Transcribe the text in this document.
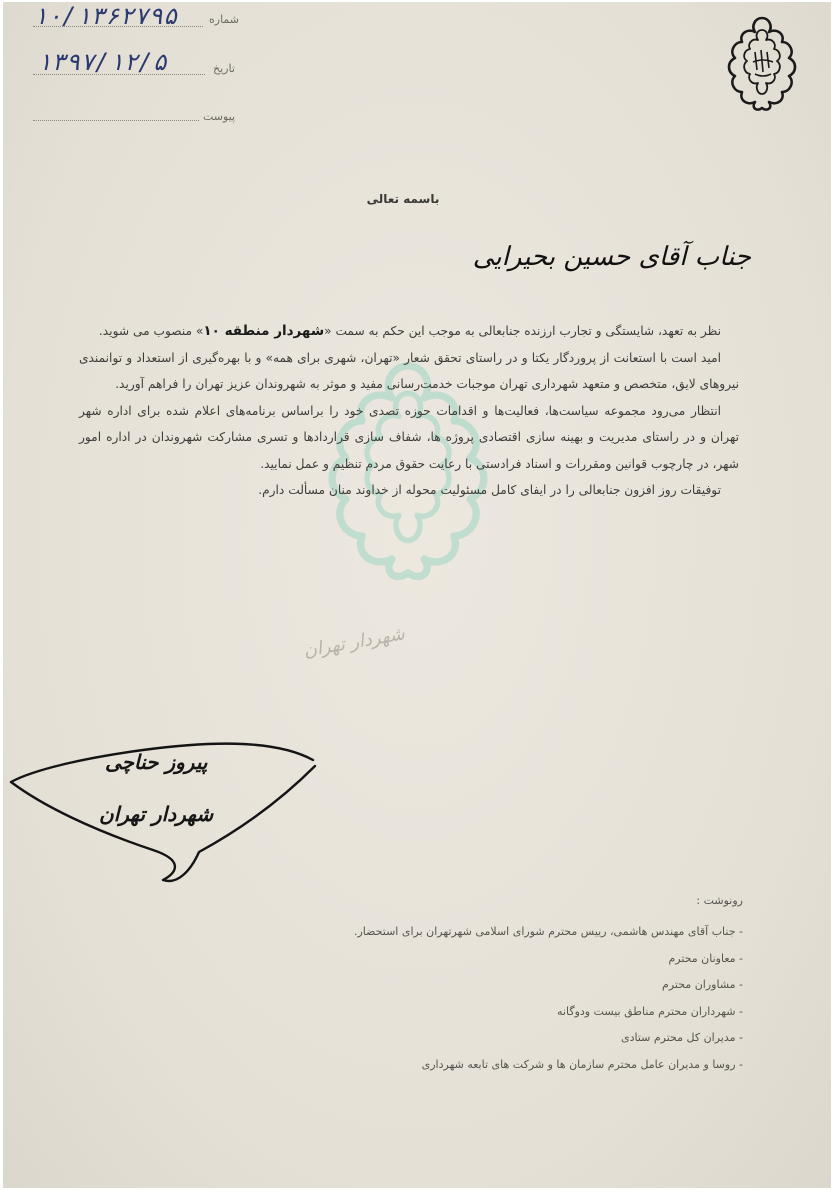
شماره
۱۰/۱۳۶۲۷۹۵
تاریخ
۱۳۹۷/۱۲/۵
پیوست
باسمه تعالی
جناب آقای حسین بحیرایی

نظر به تعهد، شایستگی و تجارب ارزنده جنابعالی به موجب این حکم به سمت «شهردار منطقه ۱۰» منصوب می شوید.

امید است با استعانت از پروردگار یکتا و در راستای تحقق شعار «تهران، شهری برای همه» و با بهره‌گیری از استعداد و توانمندی نیروهای لایق، متخصص و متعهد شهرداری تهران موجبات خدمت‌رسانی مفید و موثر به شهروندان عزیز تهران را فراهم آورید.

انتظار می‌رود مجموعه سیاست‌ها، فعالیت‌ها و اقدامات حوزه تصدی خود را براساس برنامه‌های اعلام شده برای اداره شهر تهران و در راستای مدیریت و بهینه سازی اقتصادی پروژه ها، شفاف سازی قراردادها و تسری مشارکت شهروندان در اداره امور شهر، در چارچوب قوانین ومقررات و اسناد فرادستی با رعایت حقوق مردم تنظیم و عمل نمایید.

توفیقات روز افزون جنابعالی را در ایفای کامل مسئولیت محوله از خداوند منان مسألت دارم.

شهردار تهران
پیروز حناچی
شهردار تهران
رونوشت :
- جناب آقای مهندس هاشمی، رییس محترم شورای اسلامی شهرتهران برای استحضار.
- معاونان محترم
- مشاوران محترم
- شهرداران محترم مناطق بیست ودوگانه
- مدیران کل محترم ستادی
- روسا و مدیران عامل محترم سازمان ها و شرکت های تابعه شهرداری
